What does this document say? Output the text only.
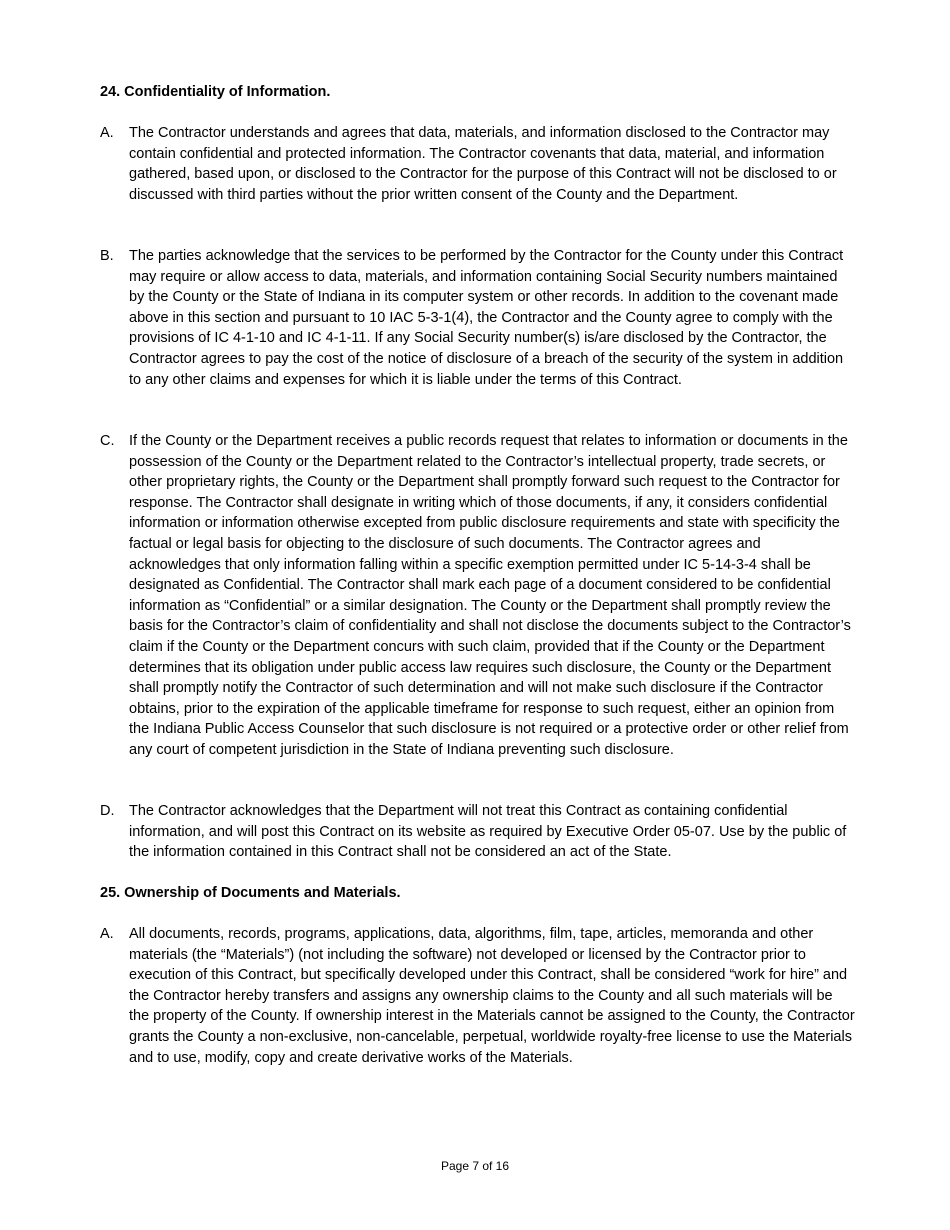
24. Confidentiality of Information.
A. The Contractor understands and agrees that data, materials, and information disclosed to the Contractor may contain confidential and protected information. The Contractor covenants that data, material, and information gathered, based upon, or disclosed to the Contractor for the purpose of this Contract will not be disclosed to or discussed with third parties without the prior written consent of the County and the Department.
B. The parties acknowledge that the services to be performed by the Contractor for the County under this Contract may require or allow access to data, materials, and information containing Social Security numbers maintained by the County or the State of Indiana in its computer system or other records. In addition to the covenant made above in this section and pursuant to 10 IAC 5-3-1(4), the Contractor and the County agree to comply with the provisions of IC 4-1-10 and IC 4-1-11. If any Social Security number(s) is/are disclosed by the Contractor, the Contractor agrees to pay the cost of the notice of disclosure of a breach of the security of the system in addition to any other claims and expenses for which it is liable under the terms of this Contract.
C. If the County or the Department receives a public records request that relates to information or documents in the possession of the County or the Department related to the Contractor’s intellectual property, trade secrets, or other proprietary rights, the County or the Department shall promptly forward such request to the Contractor for response. The Contractor shall designate in writing which of those documents, if any, it considers confidential information or information otherwise excepted from public disclosure requirements and state with specificity the factual or legal basis for objecting to the disclosure of such documents. The Contractor agrees and acknowledges that only information falling within a specific exemption permitted under IC 5-14-3-4 shall be designated as Confidential. The Contractor shall mark each page of a document considered to be confidential information as “Confidential” or a similar designation. The County or the Department shall promptly review the basis for the Contractor’s claim of confidentiality and shall not disclose the documents subject to the Contractor’s claim if the County or the Department concurs with such claim, provided that if the County or the Department determines that its obligation under public access law requires such disclosure, the County or the Department shall promptly notify the Contractor of such determination and will not make such disclosure if the Contractor obtains, prior to the expiration of the applicable timeframe for response to such request, either an opinion from the Indiana Public Access Counselor that such disclosure is not required or a protective order or other relief from any court of competent jurisdiction in the State of Indiana preventing such disclosure.
D. The Contractor acknowledges that the Department will not treat this Contract as containing confidential information, and will post this Contract on its website as required by Executive Order 05-07. Use by the public of the information contained in this Contract shall not be considered an act of the State.
25. Ownership of Documents and Materials.
A. All documents, records, programs, applications, data, algorithms, film, tape, articles, memoranda and other materials (the “Materials”) (not including the software) not developed or licensed by the Contractor prior to execution of this Contract, but specifically developed under this Contract, shall be considered “work for hire” and the Contractor hereby transfers and assigns any ownership claims to the County and all such materials will be the property of the County. If ownership interest in the Materials cannot be assigned to the County, the Contractor grants the County a non-exclusive, non-cancelable, perpetual, worldwide royalty-free license to use the Materials and to use, modify, copy and create derivative works of the Materials.
Page 7 of 16
